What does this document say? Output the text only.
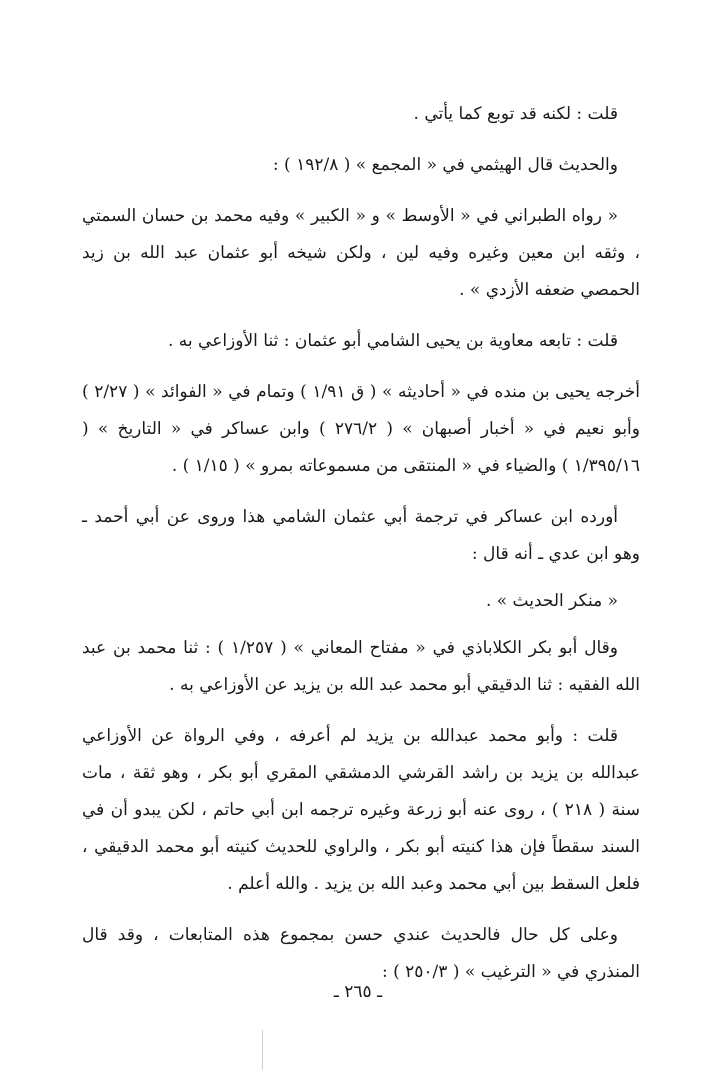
قلت : لكنه قد توبع كما يأتي .

والحديث قال الهيثمي في « المجمع » ( ١٩٢/٨ ) :

« رواه الطبراني في « الأوسط » و « الكبير » وفيه محمد بن حسان السمتي ، وثقه ابن معين وغيره وفيه لين ، ولكن شيخه أبو عثمان عبد الله بن زيد الحمصي ضعفه الأزدي » .

قلت : تابعه معاوية بن يحيى الشامي أبو عثمان : ثنا الأوزاعي به .

أخرجه يحيى بن منده في « أحاديثه » ( ق ١/٩١ ) وتمام في « الفوائد » ( ٢/٢٧ ) وأبو نعيم في « أخبار أصبهان » ( ٢٧٦/٢ ) وابن عساكر في « التاريخ » ( ١/٣٩٥/١٦ ) والضياء في « المنتقى من مسموعاته بمرو » ( ١/١٥ ) .

أورده ابن عساكر في ترجمة أبي عثمان الشامي هذا وروى عن أبي أحمد ـ وهو ابن عدي ـ أنه قال :

« منكر الحديث » .

وقال أبو بكر الكلاباذي في « مفتاح المعاني » ( ١/٢٥٧ ) : ثنا محمد بن عبد الله الفقيه : ثنا الدقيقي أبو محمد عبد الله بن يزيد عن الأوزاعي به .

قلت : وأبو محمد عبدالله بن يزيد لم أعرفه ، وفي الرواة عن الأوزاعي عبدالله بن يزيد بن راشد القرشي الدمشقي المقري أبو بكر ، وهو ثقة ، مات سنة ( ٢١٨ ) ، روى عنه أبو زرعة وغيره ترجمه ابن أبي حاتم ، لكن يبدو أن في السند سقطاً فإن هذا كنيته أبو بكر ، والراوي للحديث كنيته أبو محمد الدقيقي ، فلعل السقط بين أبي محمد وعبد الله بن يزيد . والله أعلم .

وعلى كل حال فالحديث عندي حسن بمجموع هذه المتابعات ، وقد قال المنذري في « الترغيب » ( ٢٥٠/٣ ) :

ـ ٢٦٥ ـ
